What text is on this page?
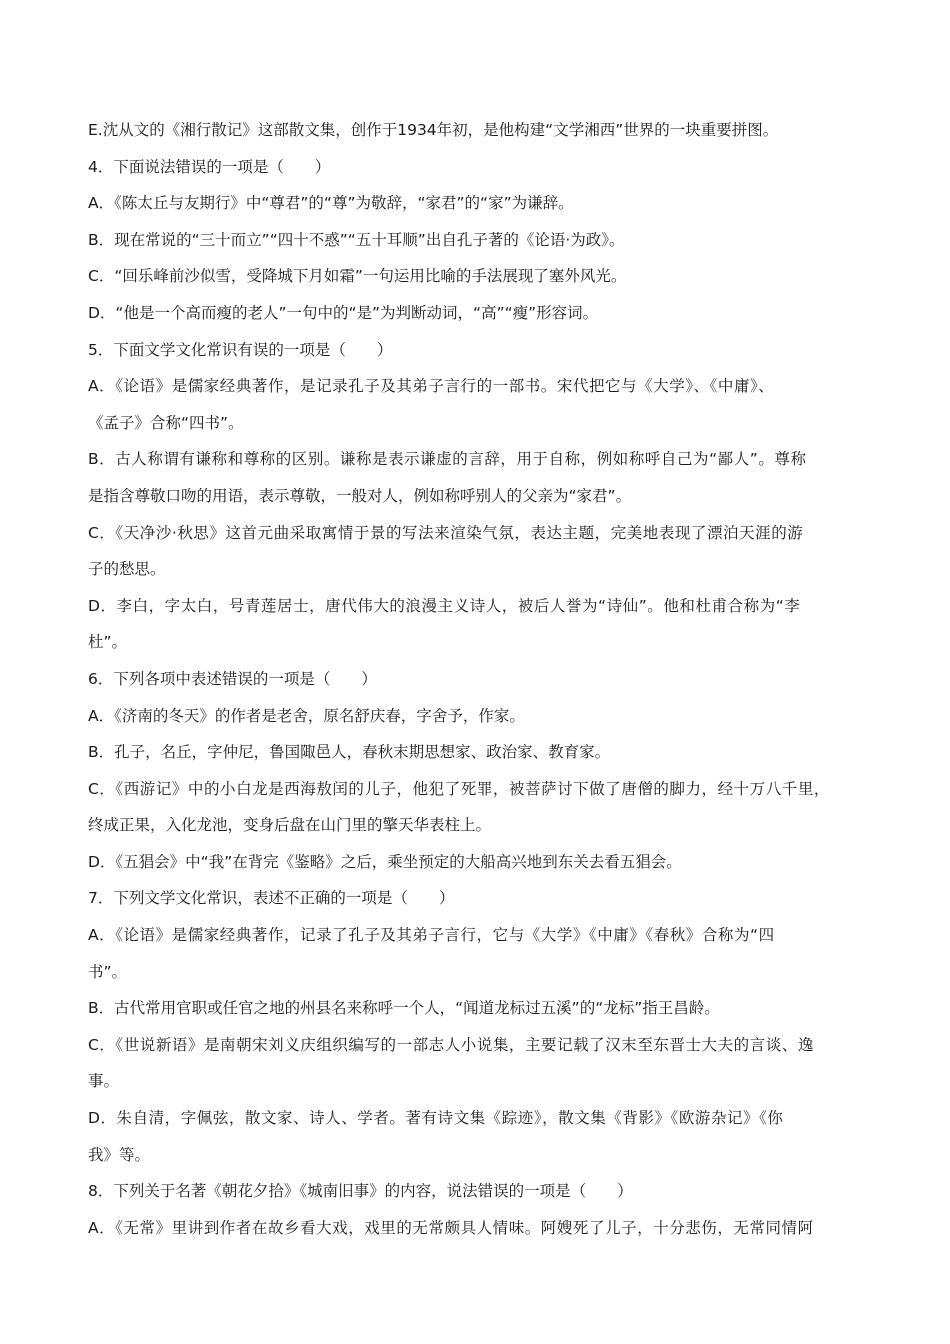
E.沈从文的《湘行散记》这部散文集，创作于1934年初，是他构建“文学湘西”世界的一块重要拼图。
4．下面说法错误的一项是（　　）
A．《陈太丘与友期行》中“尊君”的“尊”为敬辞，“家君”的“家”为谦辞。
B．现在常说的“三十而立”“四十不惑”“五十耳顺”出自孔子著的《论语·为政》。
C．“回乐峰前沙似雪，受降城下月如霜”一句运用比喻的手法展现了塞外风光。
D．“他是一个高而瘦的老人”一句中的“是”为判断动词，“高”“瘦”形容词。
5．下面文学文化常识有误的一项是（　　）
A．《论语》是儒家经典著作，是记录孔子及其弟子言行的一部书。宋代把它与《大学》、《中庸》、
《孟子》合称“四书”。
B．古人称谓有谦称和尊称的区别。谦称是表示谦虚的言辞，用于自称，例如称呼自己为“鄙人”。尊称
是指含尊敬口吻的用语，表示尊敬，一般对人，例如称呼别人的父亲为“家君”。
C．《天净沙·秋思》这首元曲采取寓情于景的写法来渲染气氛，表达主题，完美地表现了漂泊天涯的游
子的愁思。
D．李白，字太白，号青莲居士，唐代伟大的浪漫主义诗人，被后人誉为“诗仙”。他和杜甫合称为“李
杜”。
6．下列各项中表述错误的一项是（　　）
A．《济南的冬天》的作者是老舍，原名舒庆春，字舍予，作家。
B．孔子，名丘，字仲尼，鲁国陬邑人，春秋末期思想家、政治家、教育家。
C．《西游记》中的小白龙是西海敖闰的儿子，他犯了死罪，被菩萨讨下做了唐僧的脚力，经十万八千里，
终成正果，入化龙池，变身后盘在山门里的擎天华表柱上。
D．《五猖会》中“我”在背完《鉴略》之后，乘坐预定的大船高兴地到东关去看五猖会。
7．下列文学文化常识，表述不正确的一项是（　　）
A．《论语》是儒家经典著作，记录了孔子及其弟子言行，它与《大学》《中庸》《春秋》合称为“四
书”。
B．古代常用官职或任官之地的州县名来称呼一个人，“闻道龙标过五溪”的“龙标”指王昌龄。
C．《世说新语》是南朝宋刘义庆组织编写的一部志人小说集，主要记载了汉末至东晋士大夫的言谈、逸
事。
D．朱自清，字佩弦，散文家、诗人、学者。著有诗文集《踪迹》，散文集《背影》《欧游杂记》《你
我》等。
8．下列关于名著《朝花夕拾》《城南旧事》的内容，说法错误的一项是（　　）
A．《无常》里讲到作者在故乡看大戏，戏里的无常颇具人情味。阿嫂死了儿子，十分悲伤，无常同情阿
